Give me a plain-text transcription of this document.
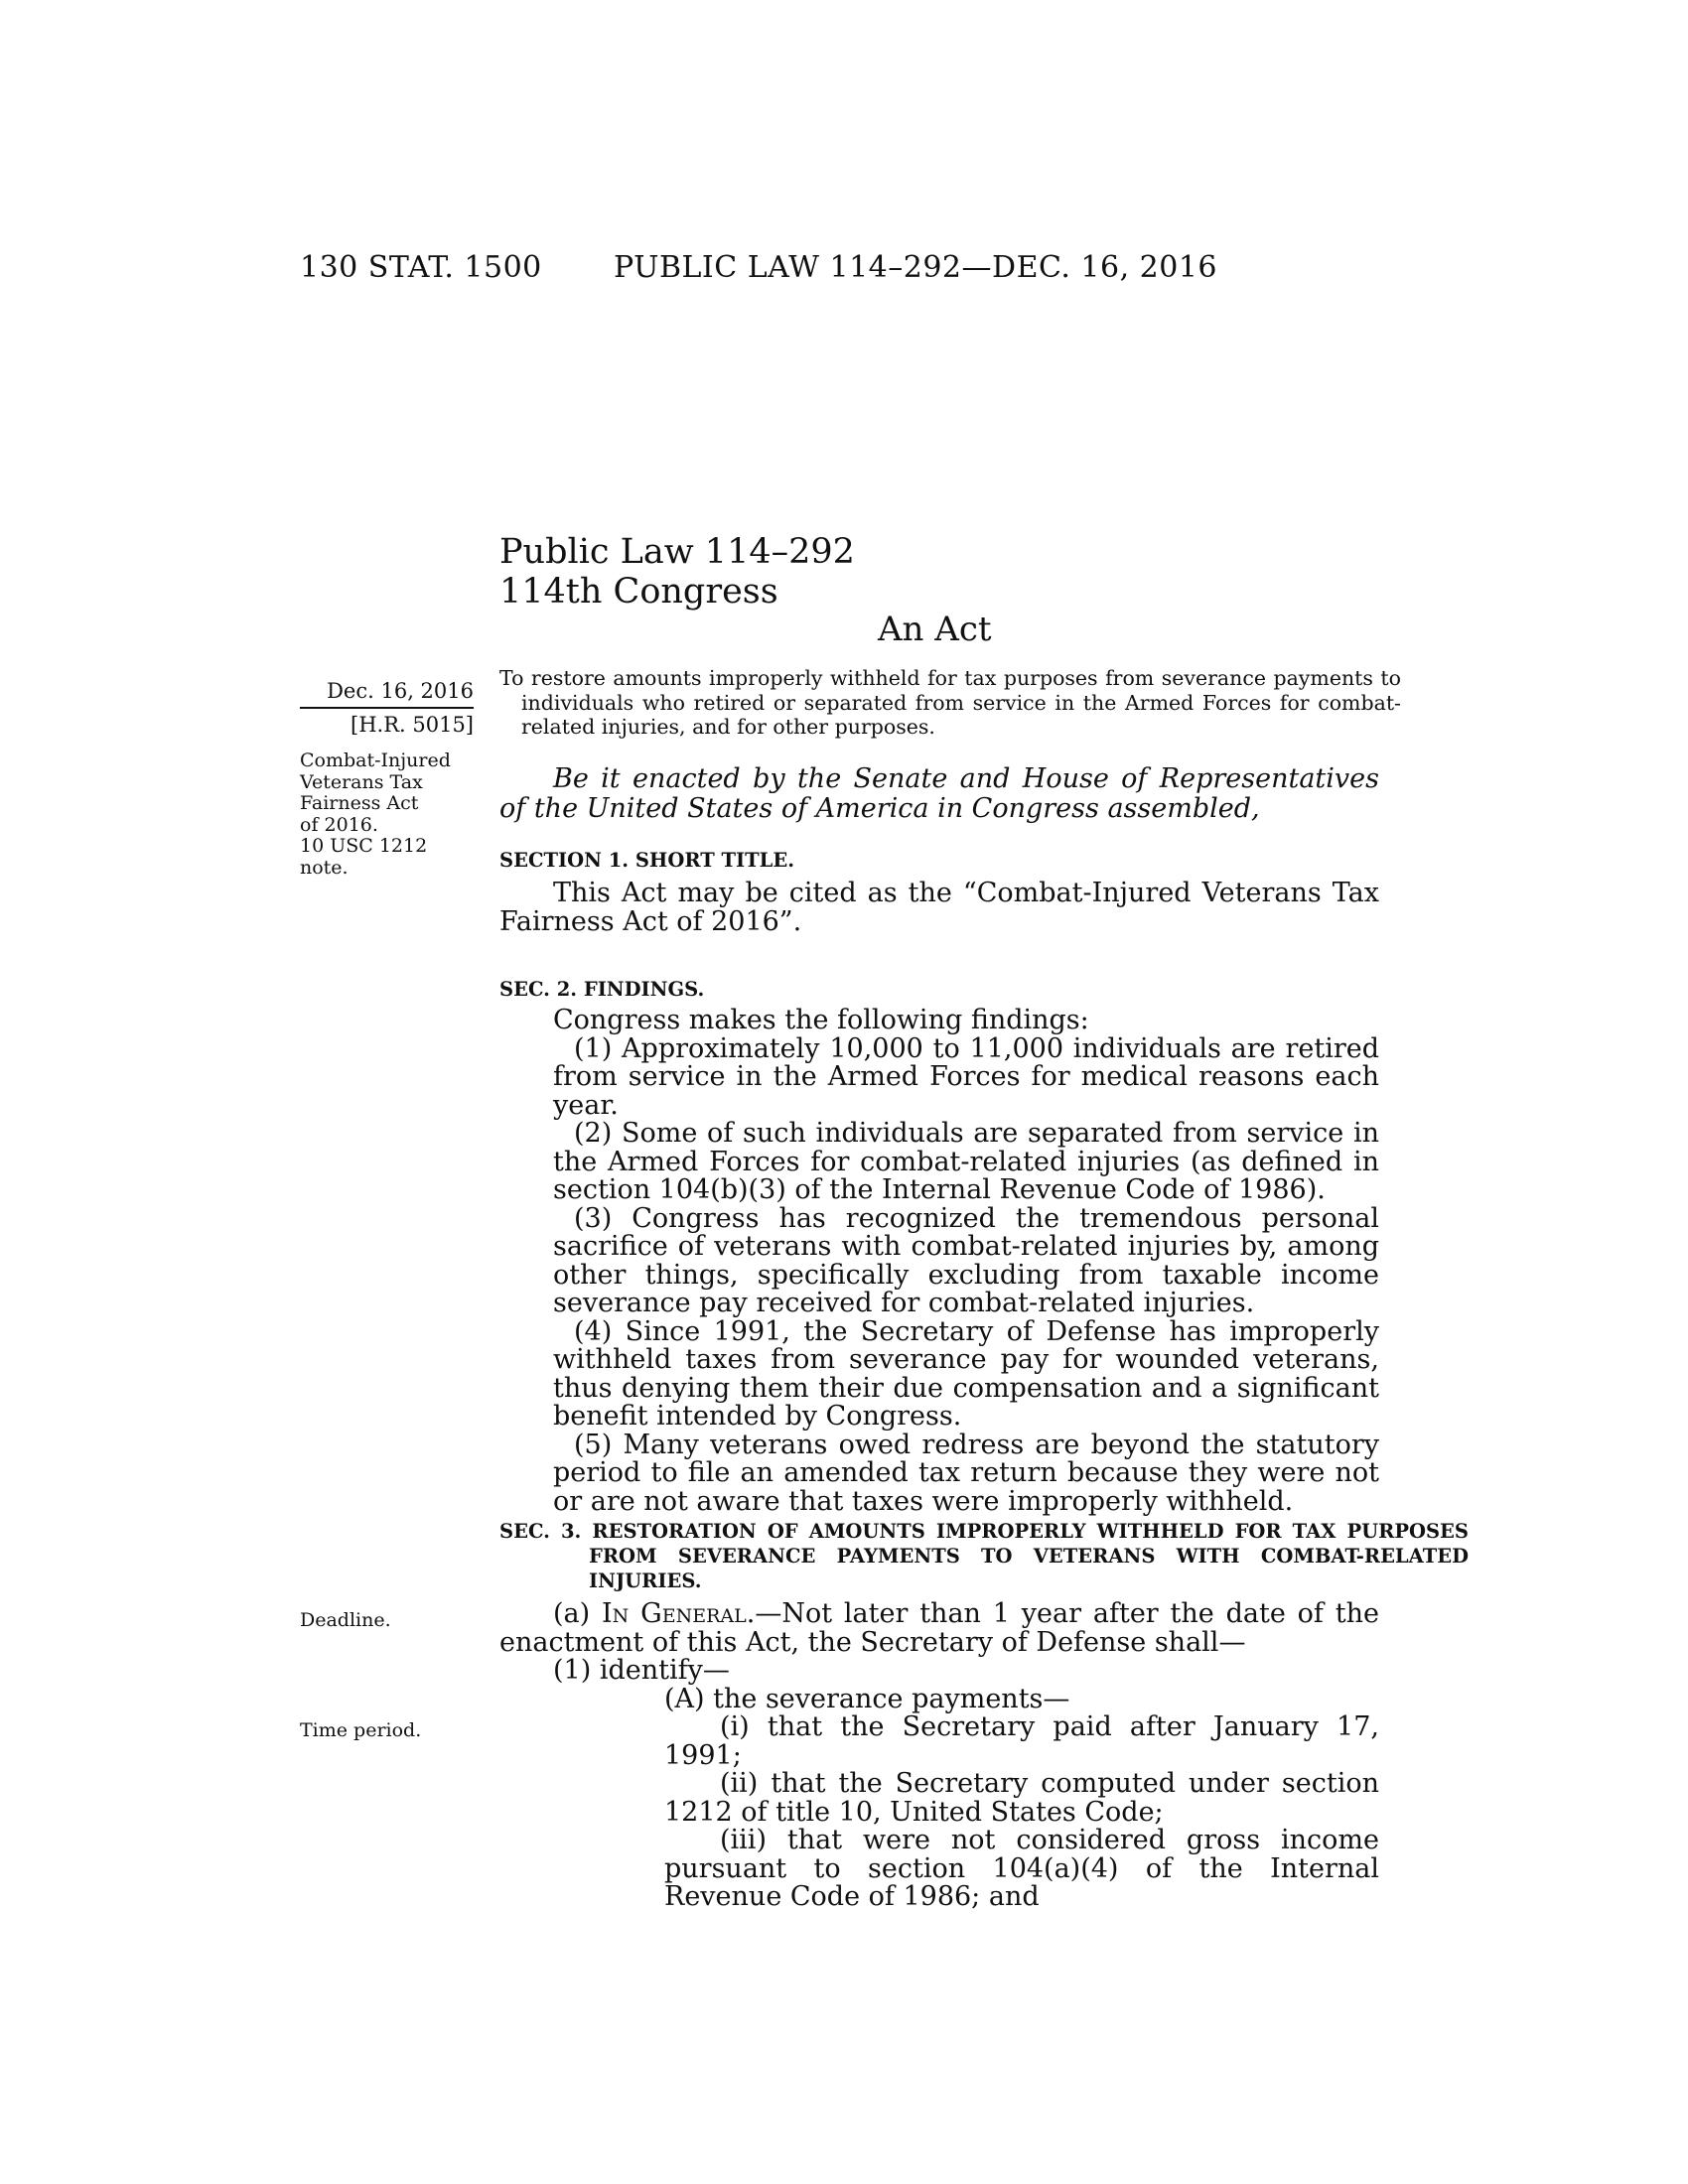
130 STAT. 1500 PUBLIC LAW 114–292—DEC. 16, 2016
Public Law 114–292
114th Congress
An Act
Dec. 16, 2016
[H.R. 5015]
To restore amounts improperly withheld for tax purposes from severance payments to individuals who retired or separated from service in the Armed Forces for combat-related injuries, and for other purposes.
Be it enacted by the Senate and House of Representatives of the United States of America in Congress assembled,
Combat-Injured
Veterans Tax
Fairness Act
of 2016.
10 USC 1212
note.	SECTION 1. SHORT TITLE.
This Act may be cited as the “Combat-Injured Veterans Tax Fairness Act of 2016”.
SEC. 2. FINDINGS.
Congress makes the following findings:
(1) Approximately 10,000 to 11,000 individuals are retired from service in the Armed Forces for medical reasons each year.
(2) Some of such individuals are separated from service in the Armed Forces for combat-related injuries (as defined in section 104(b)(3) of the Internal Revenue Code of 1986).
(3) Congress has recognized the tremendous personal sacrifice of veterans with combat-related injuries by, among other things, specifically excluding from taxable income severance pay received for combat-related injuries.
(4) Since 1991, the Secretary of Defense has improperly withheld taxes from severance pay for wounded veterans, thus denying them their due compensation and a significant benefit intended by Congress.
(5) Many veterans owed redress are beyond the statutory period to file an amended tax return because they were not or are not aware that taxes were improperly withheld.
SEC. 3. RESTORATION OF AMOUNTS IMPROPERLY WITHHELD FOR TAX PURPOSES FROM SEVERANCE PAYMENTS TO VETERANS WITH COMBAT-RELATED INJURIES.
Deadline.
Time period.
(a) In General.—Not later than 1 year after the date of the enactment of this Act, the Secretary of Defense shall—
(1) identify—
(A) the severance payments—
(i) that the Secretary paid after January 17, 1991;
(ii) that the Secretary computed under section 1212 of title 10, United States Code;
(iii) that were not considered gross income pursuant to section 104(a)(4) of the Internal Revenue Code of 1986; and
